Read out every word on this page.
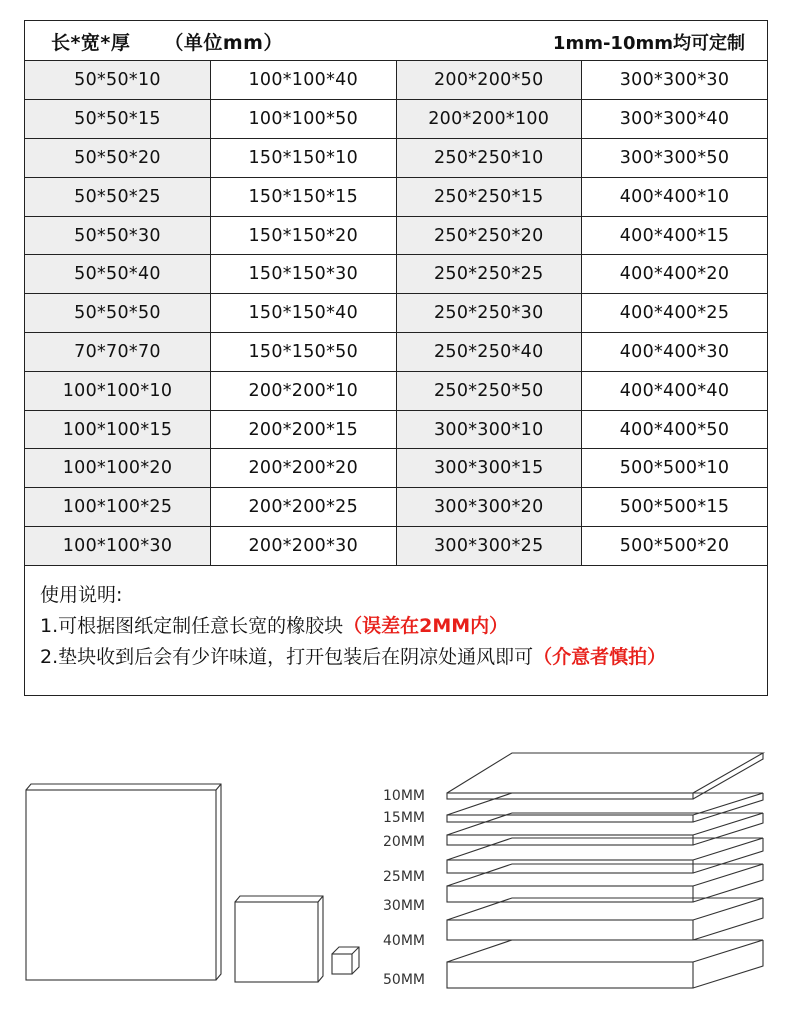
长*宽*厚 （单位mm）	1mm-10mm均可定制
50*50*10	100*100*40	200*200*50	300*300*30
50*50*15	100*100*50	200*200*100	300*300*40
50*50*20	150*150*10	250*250*10	300*300*50
50*50*25	150*150*15	250*250*15	400*400*10
50*50*30	150*150*20	250*250*20	400*400*15
50*50*40	150*150*30	250*250*25	400*400*20
50*50*50	150*150*40	250*250*30	400*400*25
70*70*70	150*150*50	250*250*40	400*400*30
100*100*10	200*200*10	250*250*50	400*400*40
100*100*15	200*200*15	300*300*10	400*400*50
100*100*20	200*200*20	300*300*15	500*500*10
100*100*25	200*200*25	300*300*20	500*500*15
100*100*30	200*200*30	300*300*25	500*500*20
使用说明:
1.可根据图纸定制任意长宽的橡胶块（误差在2MM内）
2.垫块收到后会有少许味道，打开包装后在阴凉处通风即可（介意者慎拍）
10MM
15MM
20MM
25MM
30MM
40MM
50MM
